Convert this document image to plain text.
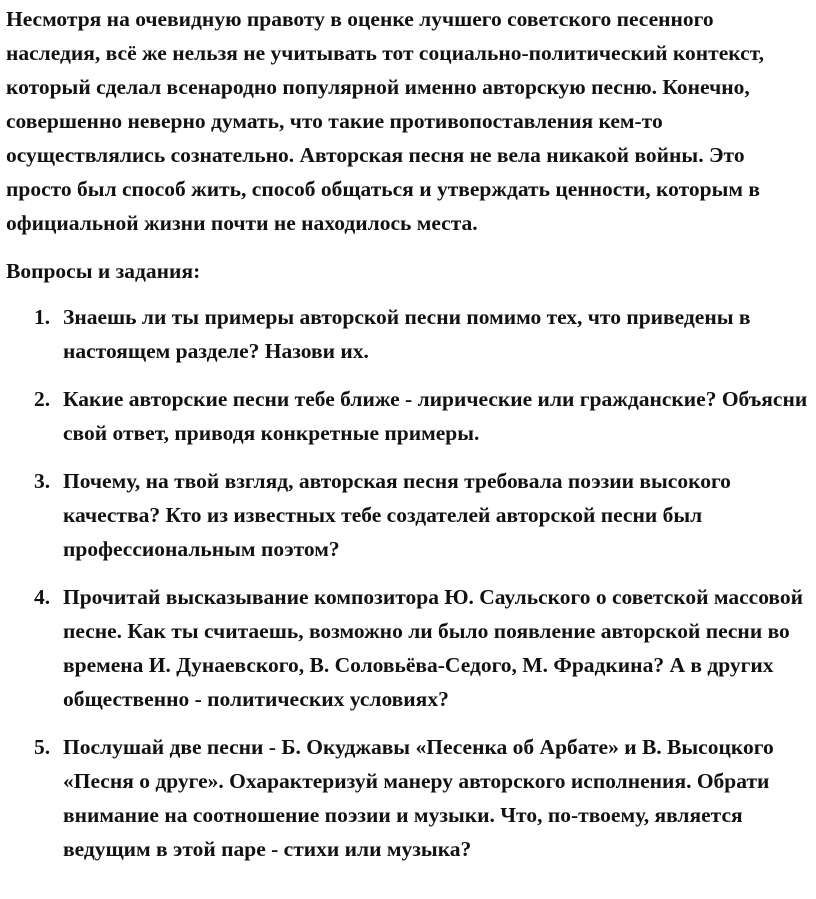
Несмотря на очевидную правоту в оценке лучшего советского песенного наследия, всё же нельзя не учитывать тот социально-политический контекст, который сделал всенародно популярной именно авторскую песню. Конечно, совершенно неверно думать, что такие противопоставления кем-то осуществлялись сознательно. Авторская песня не вела никакой войны. Это просто был способ жить, способ общаться и утверждать ценности, которым в официальной жизни почти не находилось места.

Вопросы и задания:

1. Знаешь ли ты примеры авторской песни помимо тех, что приведены в настоящем разделе? Назови их.
2. Какие авторские песни тебе ближе - лирические или гражданские? Объясни свой ответ, приводя конкретные примеры.
3. Почему, на твой взгляд, авторская песня требовала поэзии высокого качества? Кто из известных тебе создателей авторской песни был профессиональным поэтом?
4. Прочитай высказывание композитора Ю. Саульского о советской массовой песне. Как ты считаешь, возможно ли было появление авторской песни во времена И. Дунаевского, В. Соловьёва-Седого, М. Фрадкина? А в других общественно - политических условиях?
5. Послушай две песни - Б. Окуджавы «Песенка об Арбате» и В. Высоцкого «Песня о друге». Охарактеризуй манеру авторского исполнения. Обрати внимание на соотношение поэзии и музыки. Что, по-твоему, является ведущим в этой паре - стихи или музыка?
